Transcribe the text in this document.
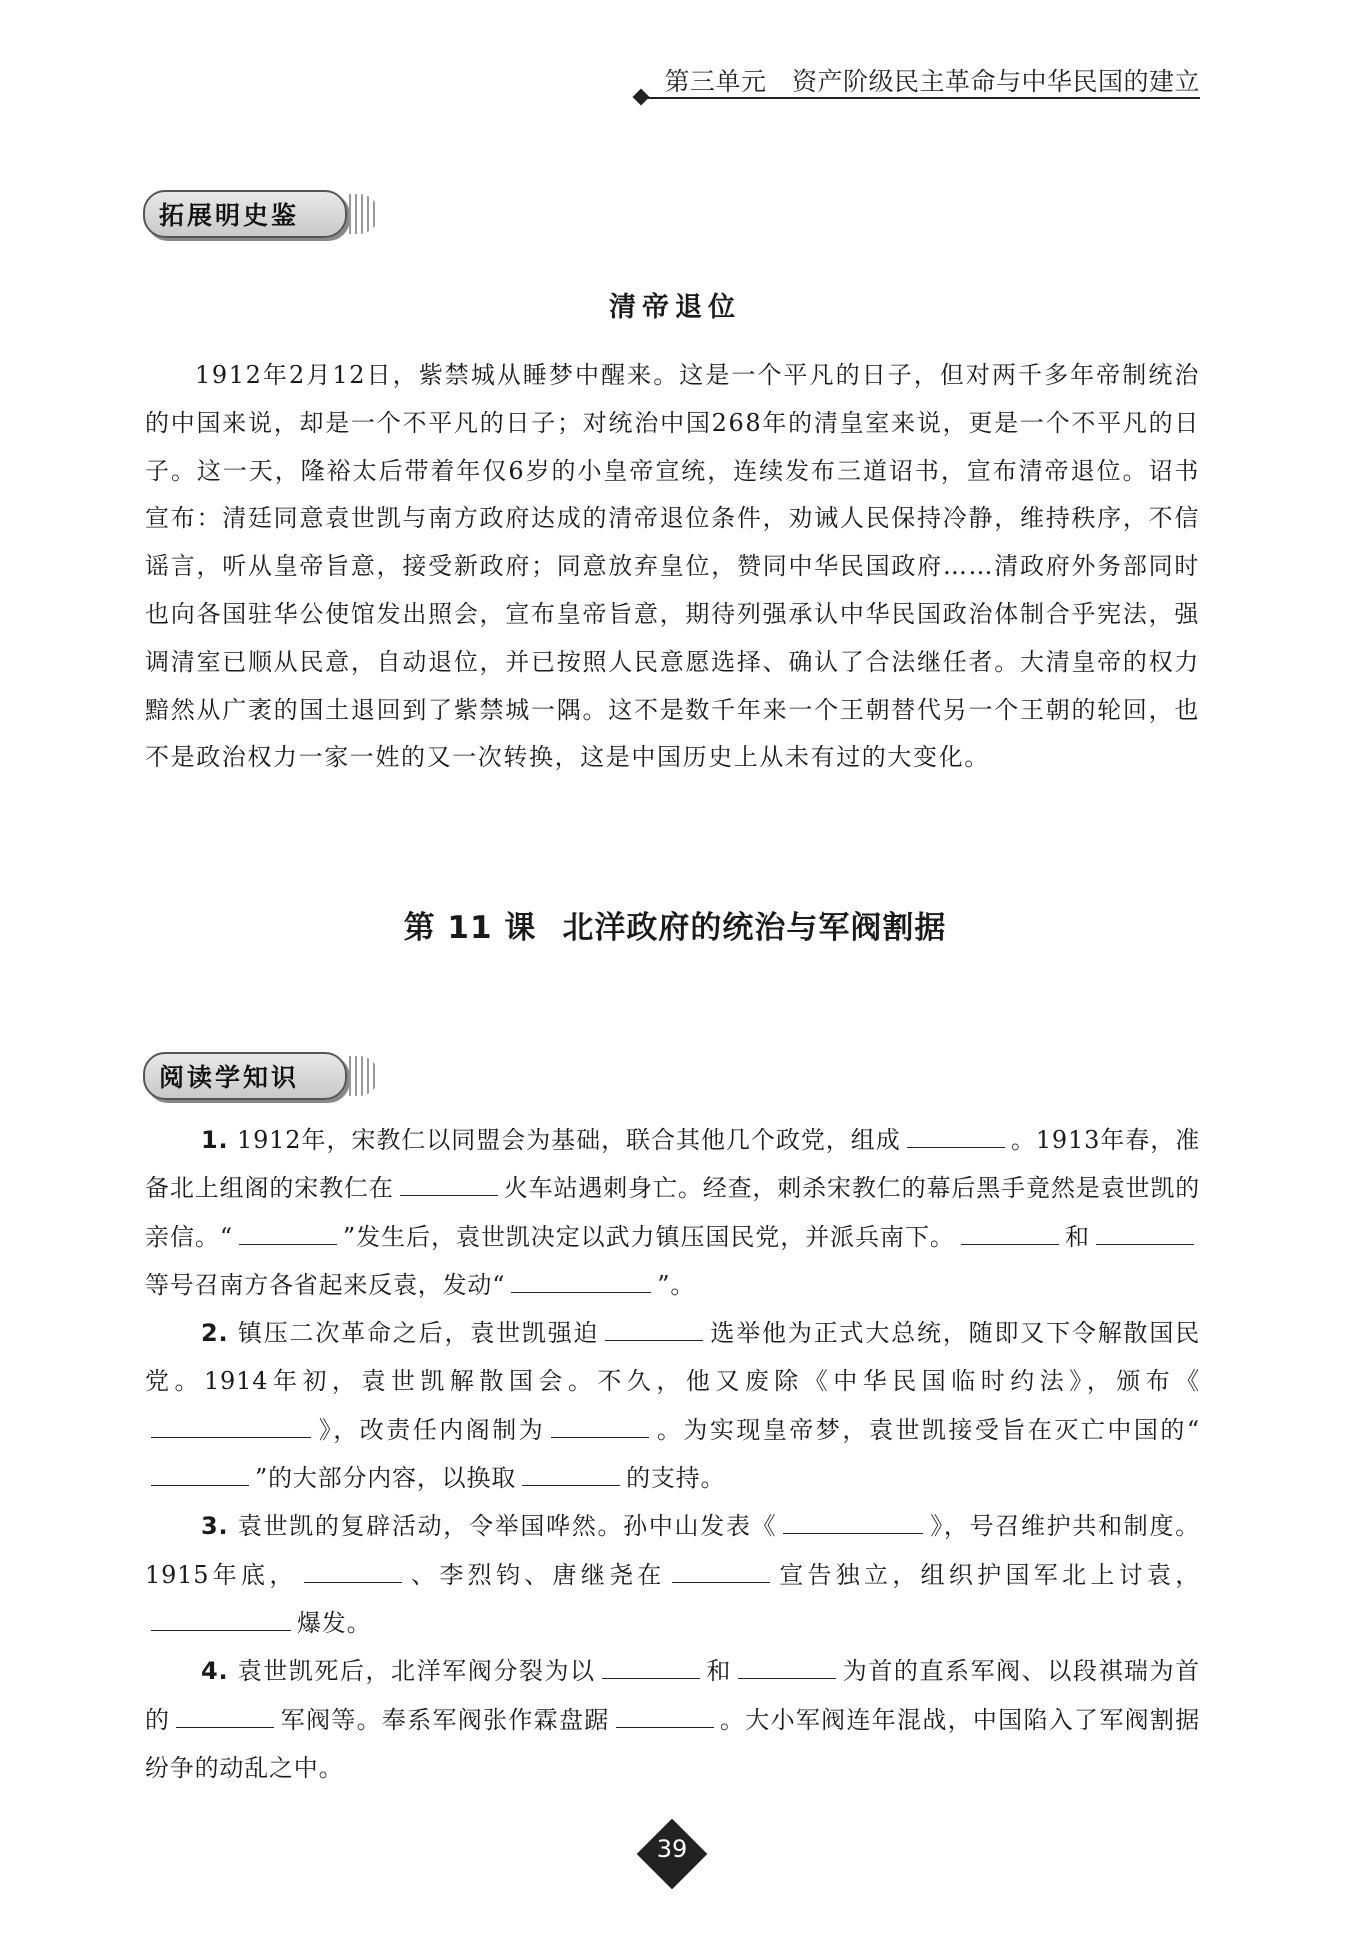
第三单元　资产阶级民主革命与中华民国的建立
拓展明史鉴
清帝退位

1912年2月12日，紫禁城从睡梦中醒来。这是一个平凡的日子，但对两千多年帝制统治的中国来说，却是一个不平凡的日子；对统治中国268年的清皇室来说，更是一个不平凡的日子。这一天，隆裕太后带着年仅6岁的小皇帝宣统，连续发布三道诏书，宣布清帝退位。诏书宣布：清廷同意袁世凯与南方政府达成的清帝退位条件，劝诫人民保持冷静，维持秩序，不信谣言，听从皇帝旨意，接受新政府；同意放弃皇位，赞同中华民国政府……清政府外务部同时也向各国驻华公使馆发出照会，宣布皇帝旨意，期待列强承认中华民国政治体制合乎宪法，强调清室已顺从民意，自动退位，并已按照人民意愿选择、确认了合法继任者。大清皇帝的权力黯然从广袤的国土退回到了紫禁城一隅。这不是数千年来一个王朝替代另一个王朝的轮回，也不是政治权力一家一姓的又一次转换，这是中国历史上从未有过的大变化。

第 11 课 北洋政府的统治与军阀割据
阅读学知识

1. 1912年，宋教仁以同盟会为基础，联合其他几个政党，组成	。1913年春，准备北上组阁的宋教仁在	火车站遇刺身亡。经查，刺杀宋教仁的幕后黑手竟然是袁世凯的亲信。“	”发生后，袁世凯决定以武力镇压国民党，并派兵南下。	和等号召南方各省起来反袁，发动“	”。

2. 镇压二次革命之后，袁世凯强迫	选举他为正式大总统，随即又下令解散国民党。1914年初，袁世凯解散国会。不久，他又废除《中华民国临时约法》，颁布《》，改责任内阁制为	。为实现皇帝梦，袁世凯接受旨在灭亡中国的“”的大部分内容，以换取	的支持。

3. 袁世凯的复辟活动，令举国哗然。孙中山发表《	》，号召维护共和制度。1915年底，	、李烈钧、唐继尧在	宣告独立，组织护国军北上讨袁，爆发。

4. 袁世凯死后，北洋军阀分裂为以	和	为首的直系军阀、以段祺瑞为首的	军阀等。奉系军阀张作霖盘踞	。大小军阀连年混战，中国陷入了军阀割据纷争的动乱之中。

39
